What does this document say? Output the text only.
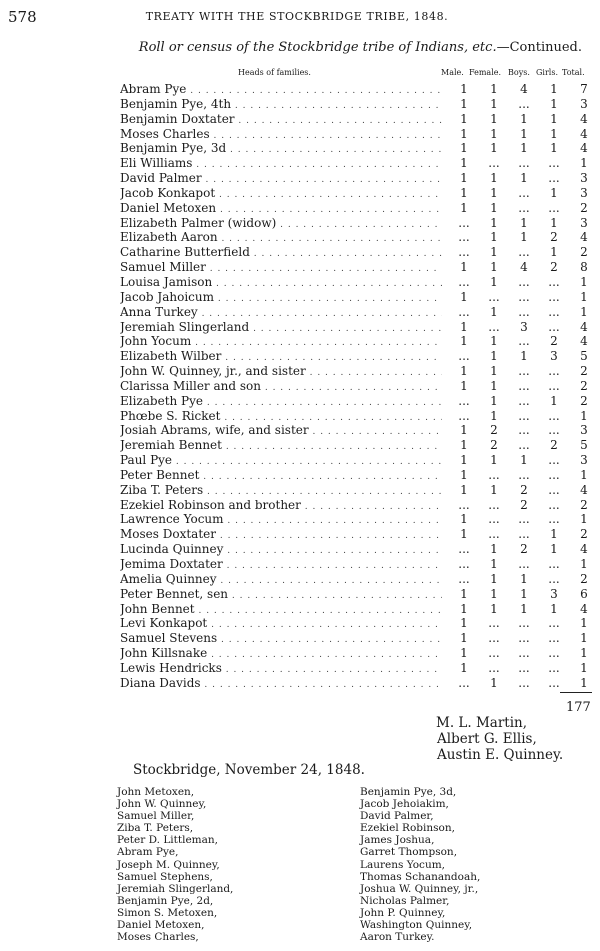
578	TREATY WITH THE STOCKBRIDGE TRIBE, 1848.
Roll or census of the Stockbridge tribe of Indians, etc.—Continued.
Heads of families.	Male. Female. Boys. Girls. Total.
Abram Pye . . .	1	1	4	1	7
Benjamin Pye, 4th . . .	1	1	...	1	3
Benjamin Doxtater . . .	1	1	1	1	4
Moses Charles . . .	1	1	1	1	4
Benjamin Pye, 3d . . .	1	1	1	1	4
Eli Williams . . .	1	...	...	...	1
David Palmer . . .	1	1	1	...	3
Jacob Konkapot . . .	1	1	...	1	3
Daniel Metoxen . . .	1	1	...	...	2
Elizabeth Palmer (widow) . . .	...	1	1	1	3
Elizabeth Aaron . . .	...	1	1	2	4
Catharine Butterfield . . .	...	1	...	1	2
Samuel Miller . . .	1	1	4	2	8
Louisa Jamison . . .	...	1	...	...	1
Jacob Jahoicum . . .	1	...	...	...	1
Anna Turkey . . .	...	1	...	...	1
Jeremiah Slingerland . . .	1	...	3	...	4
John Yocum . . .	1	1	...	2	4
Elizabeth Wilber . . .	...	1	1	3	5
John W. Quinney, jr., and sister . . .	1	1	...	...	2
Clarissa Miller and son . . .	1	1	...	...	2
Elizabeth Pye . . .	...	1	...	1	2
Phœbe S. Ricket . . .	...	1	...	...	1
Josiah Abrams, wife, and sister . . .	1	2	...	...	3
Jeremiah Bennet . . .	1	2	...	2	5
Paul Pye . . .	1	1	1	...	3
Peter Bennet . . .	1	...	...	...	1
Ziba T. Peters . . .	1	1	2	...	4
Ezekiel Robinson and brother . . .	...	...	2	...	2
Lawrence Yocum . . .	1	...	...	...	1
Moses Doxtater . . .	1	...	...	1	2
Lucinda Quinney . . .	...	1	2	1	4
Jemima Doxtater . . .	...	1	...	...	1
Amelia Quinney . . .	...	1	1	...	2
Peter Bennet, sen . . .	1	1	1	3	6
John Bennet . . .	1	1	1	1	4
Levi Konkapot . . .	1	...	...	...	1
Samuel Stevens . . .	1	...	...	...	1
John Killsnake . . .	1	...	...	...	1
Lewis Hendricks . . .	1	...	...	...	1
Diana Davids . . .	...	1	...	...	1
177
M. L. Martin,
Albert G. Ellis,
Austin E. Quinney.
Stockbridge, November 24, 1848.
John Metoxen,
John W. Quinney,
Samuel Miller,
Ziba T. Peters,
Peter D. Littleman,
Abram Pye,
Joseph M. Quinney,
Samuel Stephens,
Jeremiah Slingerland,
Benjamin Pye, 2d,
Simon S. Metoxen,
Daniel Metoxen,
Moses Charles,
Benjamin Pye, 3d,
Jacob Jehoiakim,
David Palmer,
Ezekiel Robinson,
James Joshua,
Garret Thompson,
Laurens Yocum,
Thomas Schanandoah,
Joshua W. Quinney, jr.,
Nicholas Palmer,
John P. Quinney,
Washington Quinney,
Aaron Turkey.
